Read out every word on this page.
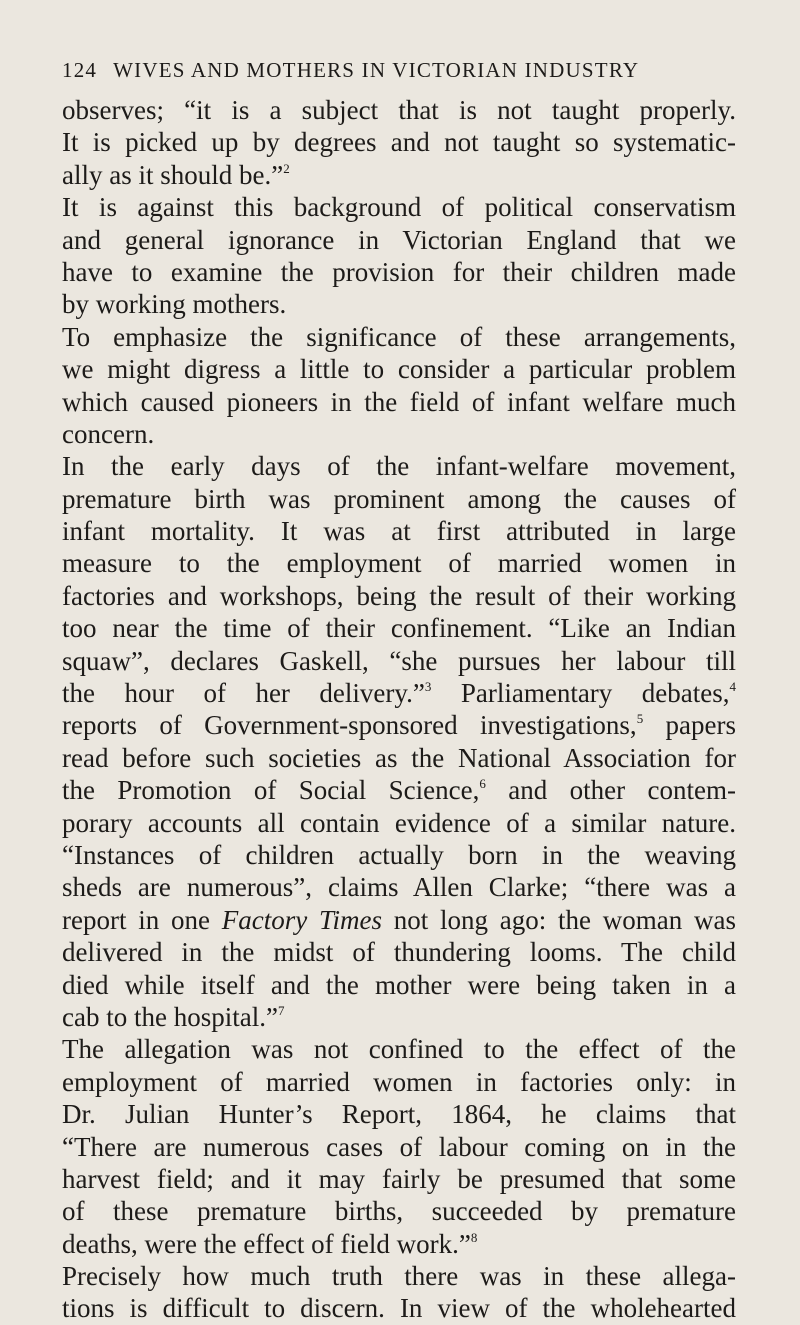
124 WIVES AND MOTHERS IN VICTORIAN INDUSTRY
observes; “it is a subject that is not taught properly.
It is picked up by degrees and not taught so systematic-
ally as it should be.”$^2$
It is against this background of political conservatism
and general ignorance in Victorian England that we
have to examine the provision for their children made
by working mothers.
To emphasize the significance of these arrangements,
we might digress a little to consider a particular problem
which caused pioneers in the field of infant welfare much
concern.
In the early days of the infant-welfare movement,
premature birth was prominent among the causes of
infant mortality. It was at first attributed in large
measure to the employment of married women in
factories and workshops, being the result of their working
too near the time of their confinement. “Like an Indian
squaw”, declares Gaskell, “she pursues her labour till
the hour of her delivery.”$^3$ Parliamentary debates,$^4$
reports of Government-sponsored investigations,$^5$ papers
read before such societies as the National Association for
the Promotion of Social Science,$^6$ and other contem-
porary accounts all contain evidence of a similar nature.
“Instances of children actually born in the weaving
sheds are numerous”, claims Allen Clarke; “there was a
report in one Factory Times not long ago: the woman was
delivered in the midst of thundering looms. The child
died while itself and the mother were being taken in a
cab to the hospital.”$^7$
The allegation was not confined to the effect of the
employment of married women in factories only: in
Dr. Julian Hunter’s Report, 1864, he claims that
“There are numerous cases of labour coming on in the
harvest field; and it may fairly be presumed that some
of these premature births, succeeded by premature
deaths, were the effect of field work.”$^8$
Precisely how much truth there was in these allega-
tions is difficult to discern. In view of the wholehearted
